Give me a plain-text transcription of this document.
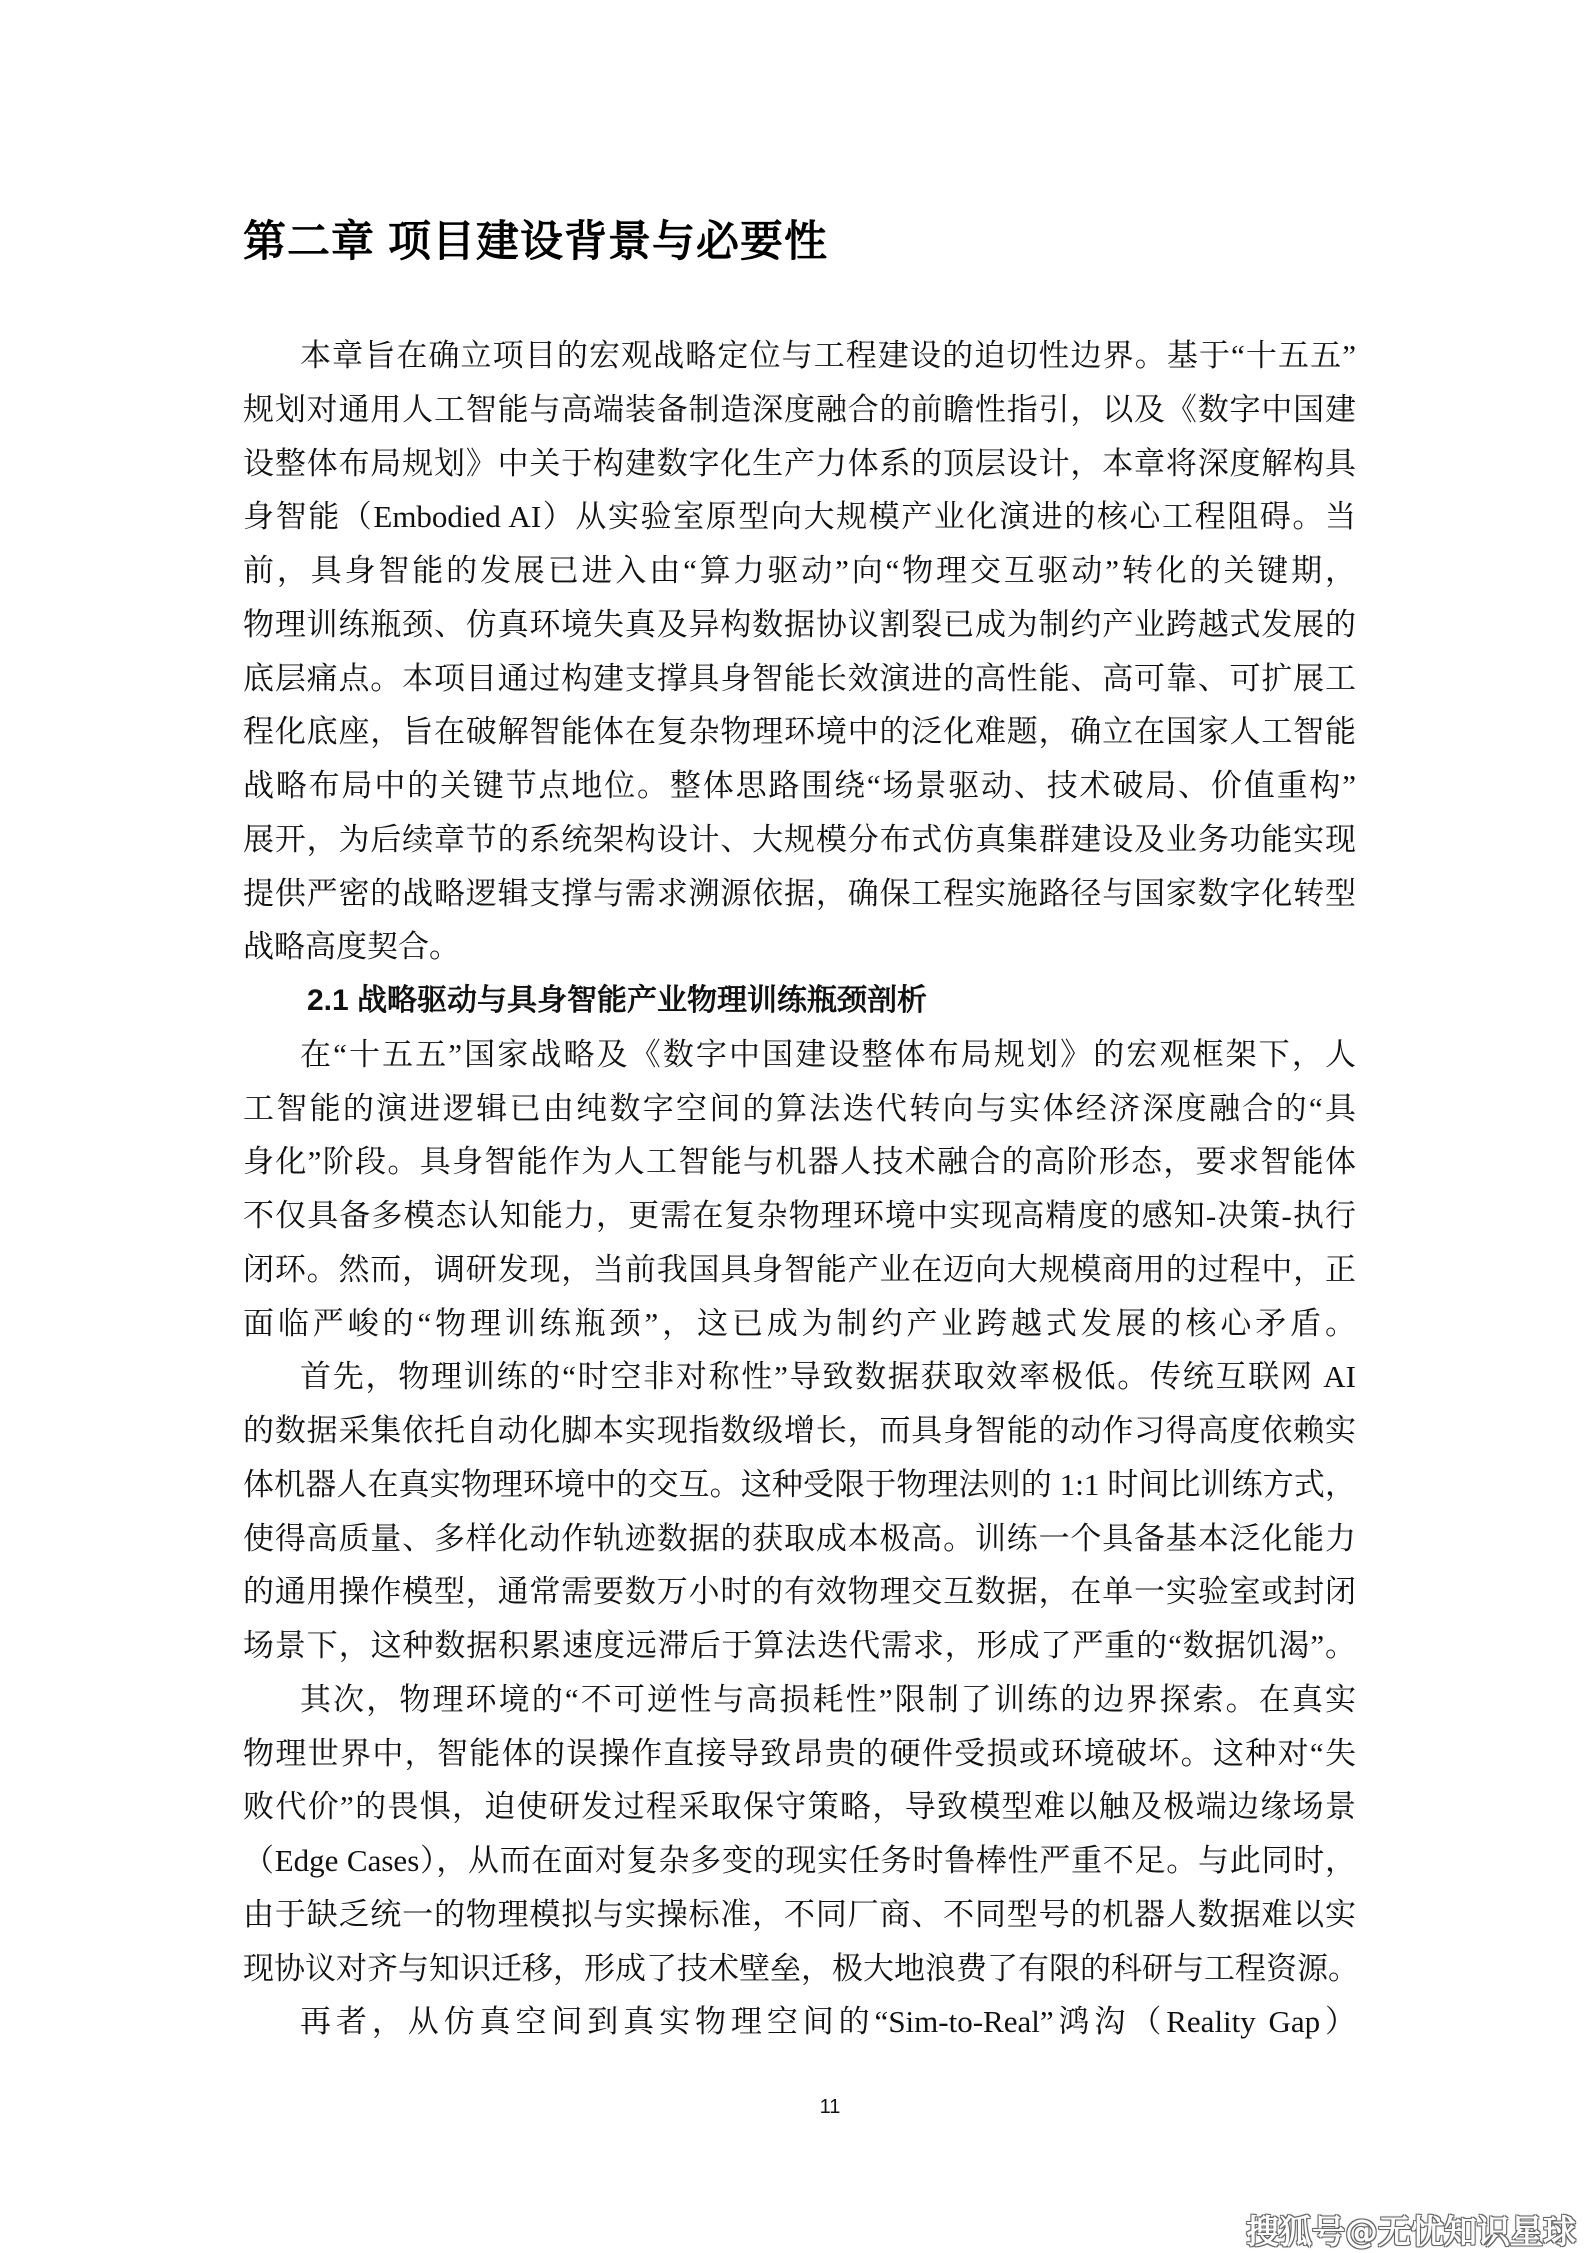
第二章 项目建设背景与必要性
本章旨在确立项目的宏观战略定位与工程建设的迫切性边界。基于“十五五”
规划对通用人工智能与高端装备制造深度融合的前瞻性指引，以及《数字中国建
设整体布局规划》中关于构建数字化生产力体系的顶层设计，本章将深度解构具
身智能（Embodied AI）从实验室原型向大规模产业化演进的核心工程阻碍。当
前，具身智能的发展已进入由“算力驱动”向“物理交互驱动”转化的关键期，
物理训练瓶颈、仿真环境失真及异构数据协议割裂已成为制约产业跨越式发展的
底层痛点。本项目通过构建支撑具身智能长效演进的高性能、高可靠、可扩展工
程化底座，旨在破解智能体在复杂物理环境中的泛化难题，确立在国家人工智能
战略布局中的关键节点地位。整体思路围绕“场景驱动、技术破局、价值重构”
展开，为后续章节的系统架构设计、大规模分布式仿真集群建设及业务功能实现
提供严密的战略逻辑支撑与需求溯源依据，确保工程实施路径与国家数字化转型
战略高度契合。
2.1 战略驱动与具身智能产业物理训练瓶颈剖析
在“十五五”国家战略及《数字中国建设整体布局规划》的宏观框架下，人
工智能的演进逻辑已由纯数字空间的算法迭代转向与实体经济深度融合的“具
身化”阶段。具身智能作为人工智能与机器人技术融合的高阶形态，要求智能体
不仅具备多模态认知能力，更需在复杂物理环境中实现高精度的感知-决策-执行
闭环。然而，调研发现，当前我国具身智能产业在迈向大规模商用的过程中，正
面临严峻的“物理训练瓶颈”，这已成为制约产业跨越式发展的核心矛盾。
首先，物理训练的“时空非对称性”导致数据获取效率极低。传统互联网 AI
的数据采集依托自动化脚本实现指数级增长，而具身智能的动作习得高度依赖实
体机器人在真实物理环境中的交互。这种受限于物理法则的 1:1 时间比训练方式，
使得高质量、多样化动作轨迹数据的获取成本极高。训练一个具备基本泛化能力
的通用操作模型，通常需要数万小时的有效物理交互数据，在单一实验室或封闭
场景下，这种数据积累速度远滞后于算法迭代需求，形成了严重的“数据饥渴”。
其次，物理环境的“不可逆性与高损耗性”限制了训练的边界探索。在真实
物理世界中，智能体的误操作直接导致昂贵的硬件受损或环境破坏。这种对“失
败代价”的畏惧，迫使研发过程采取保守策略，导致模型难以触及极端边缘场景
（Edge Cases），从而在面对复杂多变的现实任务时鲁棒性严重不足。与此同时，
由于缺乏统一的物理模拟与实操标准，不同厂商、不同型号的机器人数据难以实
现协议对齐与知识迁移，形成了技术壁垒，极大地浪费了有限的科研与工程资源。
再者，从仿真空间到真实物理空间的“Sim-to-Real”鸿沟（Reality Gap）
11
搜狐号@无忧知识星球
